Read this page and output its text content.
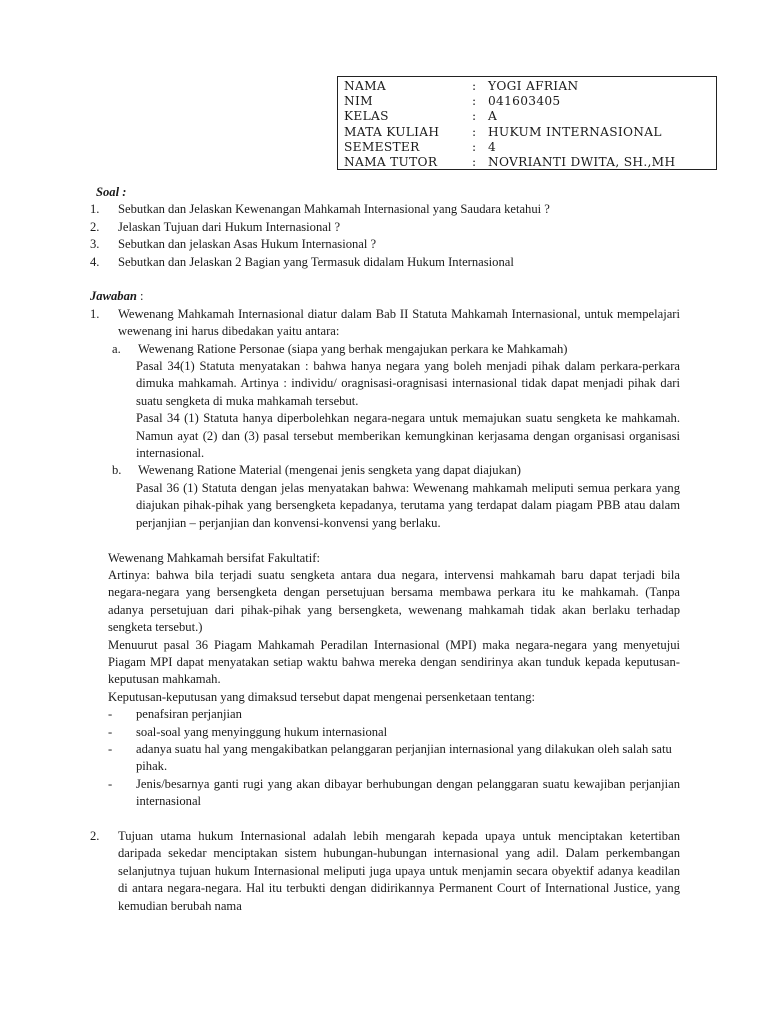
NAMA	: YOGI AFRIAN
NIM	: 041603405
KELAS	: A
MATA KULIAH	: HUKUM INTERNASIONAL
SEMESTER	: 4
NAMA TUTOR	: NOVRIANTI DWITA, SH.,MH
Soal :
1.	Sebutkan dan Jelaskan Kewenangan Mahkamah Internasional yang Saudara ketahui ?
2.	Jelaskan Tujuan dari Hukum Internasional ?
3.	Sebutkan dan jelaskan Asas Hukum Internasional ?
4.	Sebutkan dan Jelaskan 2 Bagian yang Termasuk didalam Hukum Internasional
Jawaban :
1.	Wewenang Mahkamah Internasional diatur dalam Bab II Statuta Mahkamah Internasional, untuk mempelajari wewenang ini harus dibedakan yaitu antara:
a.	Wewenang Ratione Personae (siapa yang berhak mengajukan perkara ke Mahkamah)
Pasal 34(1) Statuta menyatakan : bahwa hanya negara yang boleh menjadi pihak dalam perkara-perkara dimuka mahkamah. Artinya : individu/ oragnisasi-oragnisasi internasional tidak dapat menjadi pihak dari suatu sengketa di muka mahkamah tersebut.
Pasal 34 (1) Statuta hanya diperbolehkan negara-negara untuk memajukan suatu sengketa ke mahkamah. Namun ayat (2) dan (3) pasal tersebut memberikan kemungkinan kerjasama dengan organisasi organisasi internasional.
b.	Wewenang Ratione Material (mengenai jenis sengketa yang dapat diajukan)
Pasal 36 (1) Statuta dengan jelas menyatakan bahwa: Wewenang mahkamah meliputi semua perkara yang diajukan pihak-pihak yang bersengketa kepadanya, terutama yang terdapat dalam piagam PBB atau dalam perjanjian – perjanjian dan konvensi-konvensi yang berlaku.
Wewenang Mahkamah bersifat Fakultatif:
Artinya: bahwa bila terjadi suatu sengketa antara dua negara, intervensi mahkamah baru dapat terjadi bila negara-negara yang bersengketa dengan persetujuan bersama membawa perkara itu ke mahkamah. (Tanpa adanya persetujuan dari pihak-pihak yang bersengketa, wewenang mahkamah tidak akan berlaku terhadap sengketa tersebut.)
Menuurut pasal 36 Piagam Mahkamah Peradilan Internasional (MPI) maka negara-negara yang menyetujui Piagam MPI dapat menyatakan setiap waktu bahwa mereka dengan sendirinya akan tunduk kepada keputusan-keputusan mahkamah.
Keputusan-keputusan yang dimaksud tersebut dapat mengenai persenketaan tentang:
-	penafsiran perjanjian
-	soal-soal yang menyinggung hukum internasional
-	adanya suatu hal yang mengakibatkan pelanggaran perjanjian internasional yang dilakukan oleh salah satu pihak.
-	Jenis/besarnya ganti rugi yang akan dibayar berhubungan dengan pelanggaran suatu kewajiban perjanjian internasional
2.	Tujuan utama hukum Internasional adalah lebih mengarah kepada upaya untuk menciptakan ketertiban daripada sekedar menciptakan sistem hubungan-hubungan internasional yang adil. Dalam perkembangan selanjutnya tujuan hukum Internasional meliputi juga upaya untuk menjamin secara obyektif adanya keadilan di antara negara-negara. Hal itu terbukti dengan didirikannya Permanent Court of International Justice, yang kemudian berubah nama
